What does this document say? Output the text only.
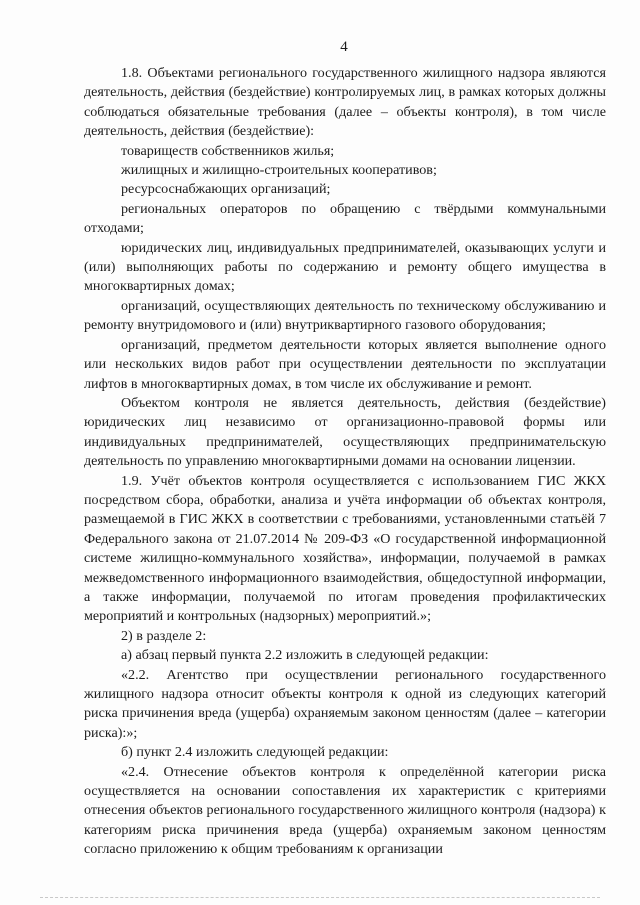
4

1.8. Объектами регионального государственного жилищного надзора являются деятельность, действия (бездействие) контролируемых лиц, в рамках которых должны соблюдаться обязательные требования (далее – объекты контроля), в том числе деятельность, действия (бездействие):

товариществ собственников жилья;

жилищных и жилищно-строительных кооперативов;

ресурсоснабжающих организаций;

региональных операторов по обращению с твёрдыми коммунальными отходами;

юридических лиц, индивидуальных предпринимателей, оказывающих услуги и (или) выполняющих работы по содержанию и ремонту общего имущества в многоквартирных домах;

организаций, осуществляющих деятельность по техническому обслуживанию и ремонту внутридомового и (или) внутриквартирного газового оборудования;

организаций, предметом деятельности которых является выполнение одного или нескольких видов работ при осуществлении деятельности по эксплуатации лифтов в многоквартирных домах, в том числе их обслуживание и ремонт.

Объектом контроля не является деятельность, действия (бездействие) юридических лиц независимо от организационно-правовой формы или индивидуальных предпринимателей, осуществляющих предпринимательскую деятельность по управлению многоквартирными домами на основании лицензии.

1.9. Учёт объектов контроля осуществляется с использованием ГИС ЖКХ посредством сбора, обработки, анализа и учёта информации об объектах контроля, размещаемой в ГИС ЖКХ в соответствии с требованиями, установленными статьёй 7 Федерального закона от 21.07.2014 № 209-ФЗ «О государственной информационной системе жилищно-коммунального хозяйства», информации, получаемой в рамках межведомственного информационного взаимодействия, общедоступной информации, а также информации, получаемой по итогам проведения профилактических мероприятий и контрольных (надзорных) мероприятий.»;

2) в разделе 2:

а) абзац первый пункта 2.2 изложить в следующей редакции:

«2.2. Агентство при осуществлении регионального государственного жилищного надзора относит объекты контроля к одной из следующих категорий риска причинения вреда (ущерба) охраняемым законом ценностям (далее – категории риска):»;

б) пункт 2.4 изложить следующей редакции:

«2.4. Отнесение объектов контроля к определённой категории риска осуществляется на основании сопоставления их характеристик с критериями отнесения объектов регионального государственного жилищного контроля (надзора) к категориям риска причинения вреда (ущерба) охраняемым законом ценностям согласно приложению к общим требованиям к организации
